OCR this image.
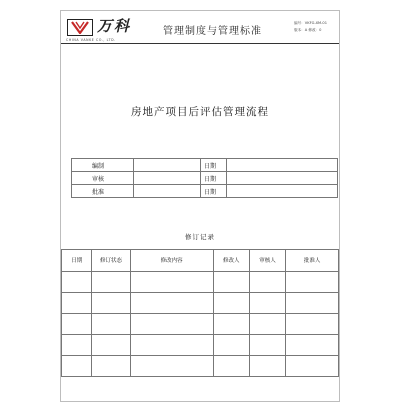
万科
CHINA VANKE CO., LTD.
管理制度与管理标准
编号：VKFG-XM-01
版本：A 修改：0
房地产项目后评估管理流程
编制		日期	
审核		日期	
批准		日期	
修订记录
日期	修订状态	修改内容	修改人	审核人	批准人
